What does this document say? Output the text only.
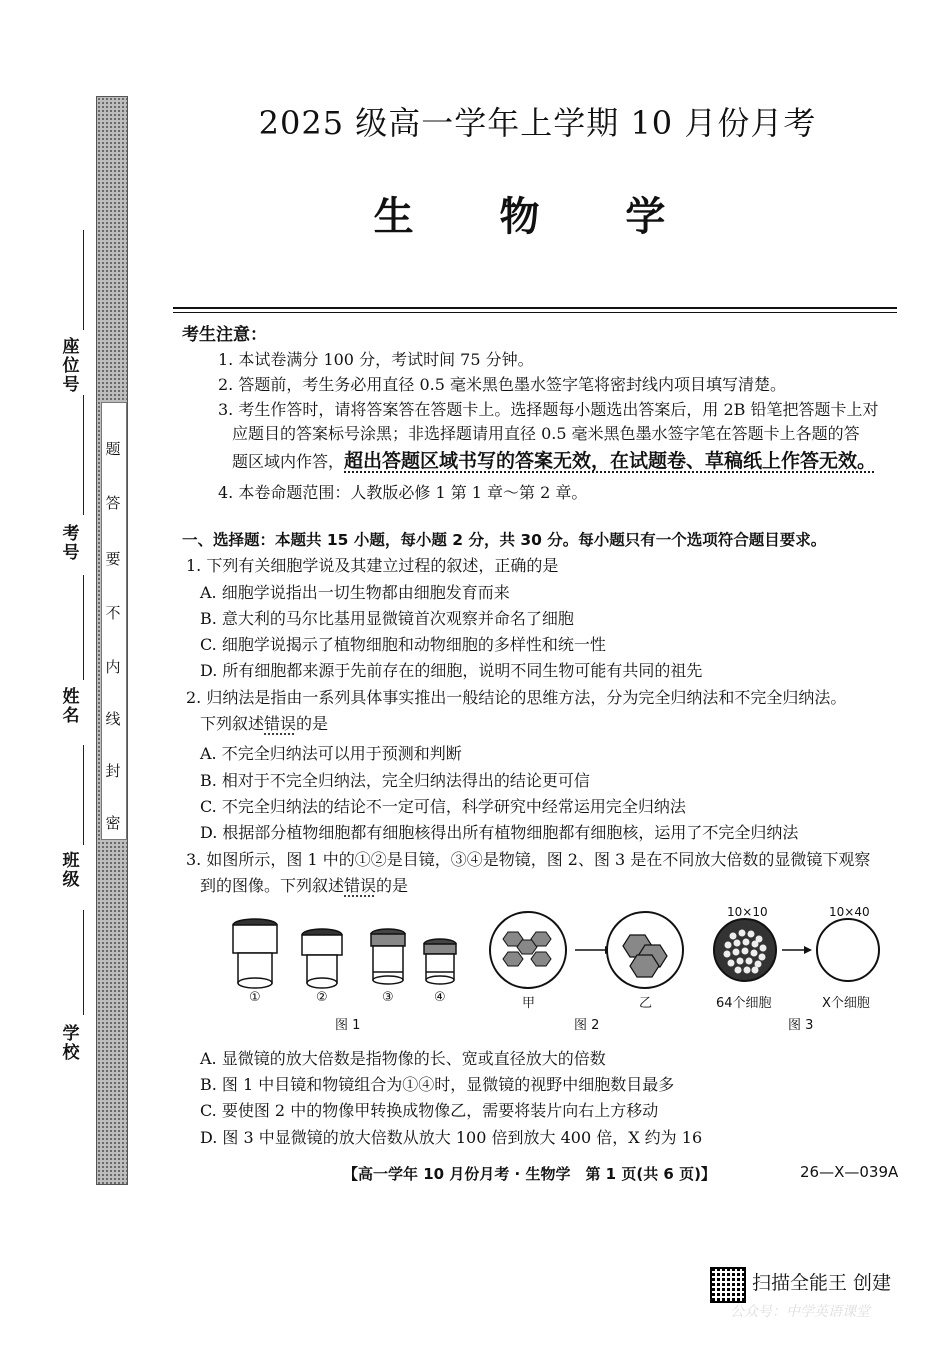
题
答
要
不
内
线
封
密
座
位
号
考
号
姓
名
班
级
学
校
2025 级高一学年上学期 10 月份月考
生 物 学
考生注意：
1. 本试卷满分 100 分，考试时间 75 分钟。
2. 答题前，考生务必用直径 0.5 毫米黑色墨水签字笔将密封线内项目填写清楚。
3. 考生作答时，请将答案答在答题卡上。选择题每小题选出答案后，用 2B 铅笔把答题卡上对
应题目的答案标号涂黑；非选择题请用直径 0.5 毫米黑色墨水签字笔在答题卡上各题的答
题区域内作答，超出答题区域书写的答案无效，在试题卷、草稿纸上作答无效。
4. 本卷命题范围：人教版必修 1 第 1 章～第 2 章。
一、选择题：本题共 15 小题，每小题 2 分，共 30 分。每小题只有一个选项符合题目要求。
1. 下列有关细胞学说及其建立过程的叙述，正确的是
A. 细胞学说指出一切生物都由细胞发育而来
B. 意大利的马尔比基用显微镜首次观察并命名了细胞
C. 细胞学说揭示了植物细胞和动物细胞的多样性和统一性
D. 所有细胞都来源于先前存在的细胞，说明不同生物可能有共同的祖先
2. 归纳法是指由一系列具体事实推出一般结论的思维方法，分为完全归纳法和不完全归纳法。
下列叙述错误的是
A. 不完全归纳法可以用于预测和判断
B. 相对于不完全归纳法，完全归纳法得出的结论更可信
C. 不完全归纳法的结论不一定可信，科学研究中经常运用完全归纳法
D. 根据部分植物细胞都有细胞核得出所有植物细胞都有细胞核，运用了不完全归纳法
3. 如图所示，图 1 中的①②是目镜，③④是物镜，图 2、图 3 是在不同放大倍数的显微镜下观察
到的图像。下列叙述错误的是
①	②	③	④
图 1
甲	乙
图 2
10×10	10×40
64个细胞	X个细胞
图 3
A. 显微镜的放大倍数是指物像的长、宽或直径放大的倍数
B. 图 1 中目镜和物镜组合为①④时，显微镜的视野中细胞数目最多
C. 要使图 2 中的物像甲转换成物像乙，需要将装片向右上方移动
D. 图 3 中显微镜的放大倍数从放大 100 倍到放大 400 倍，X 约为 16
【高一学年 10 月份月考 · 生物学　第 1 页(共 6 页)】	26—X—039A
扫描全能王 创建
公众号：中学英语课堂
